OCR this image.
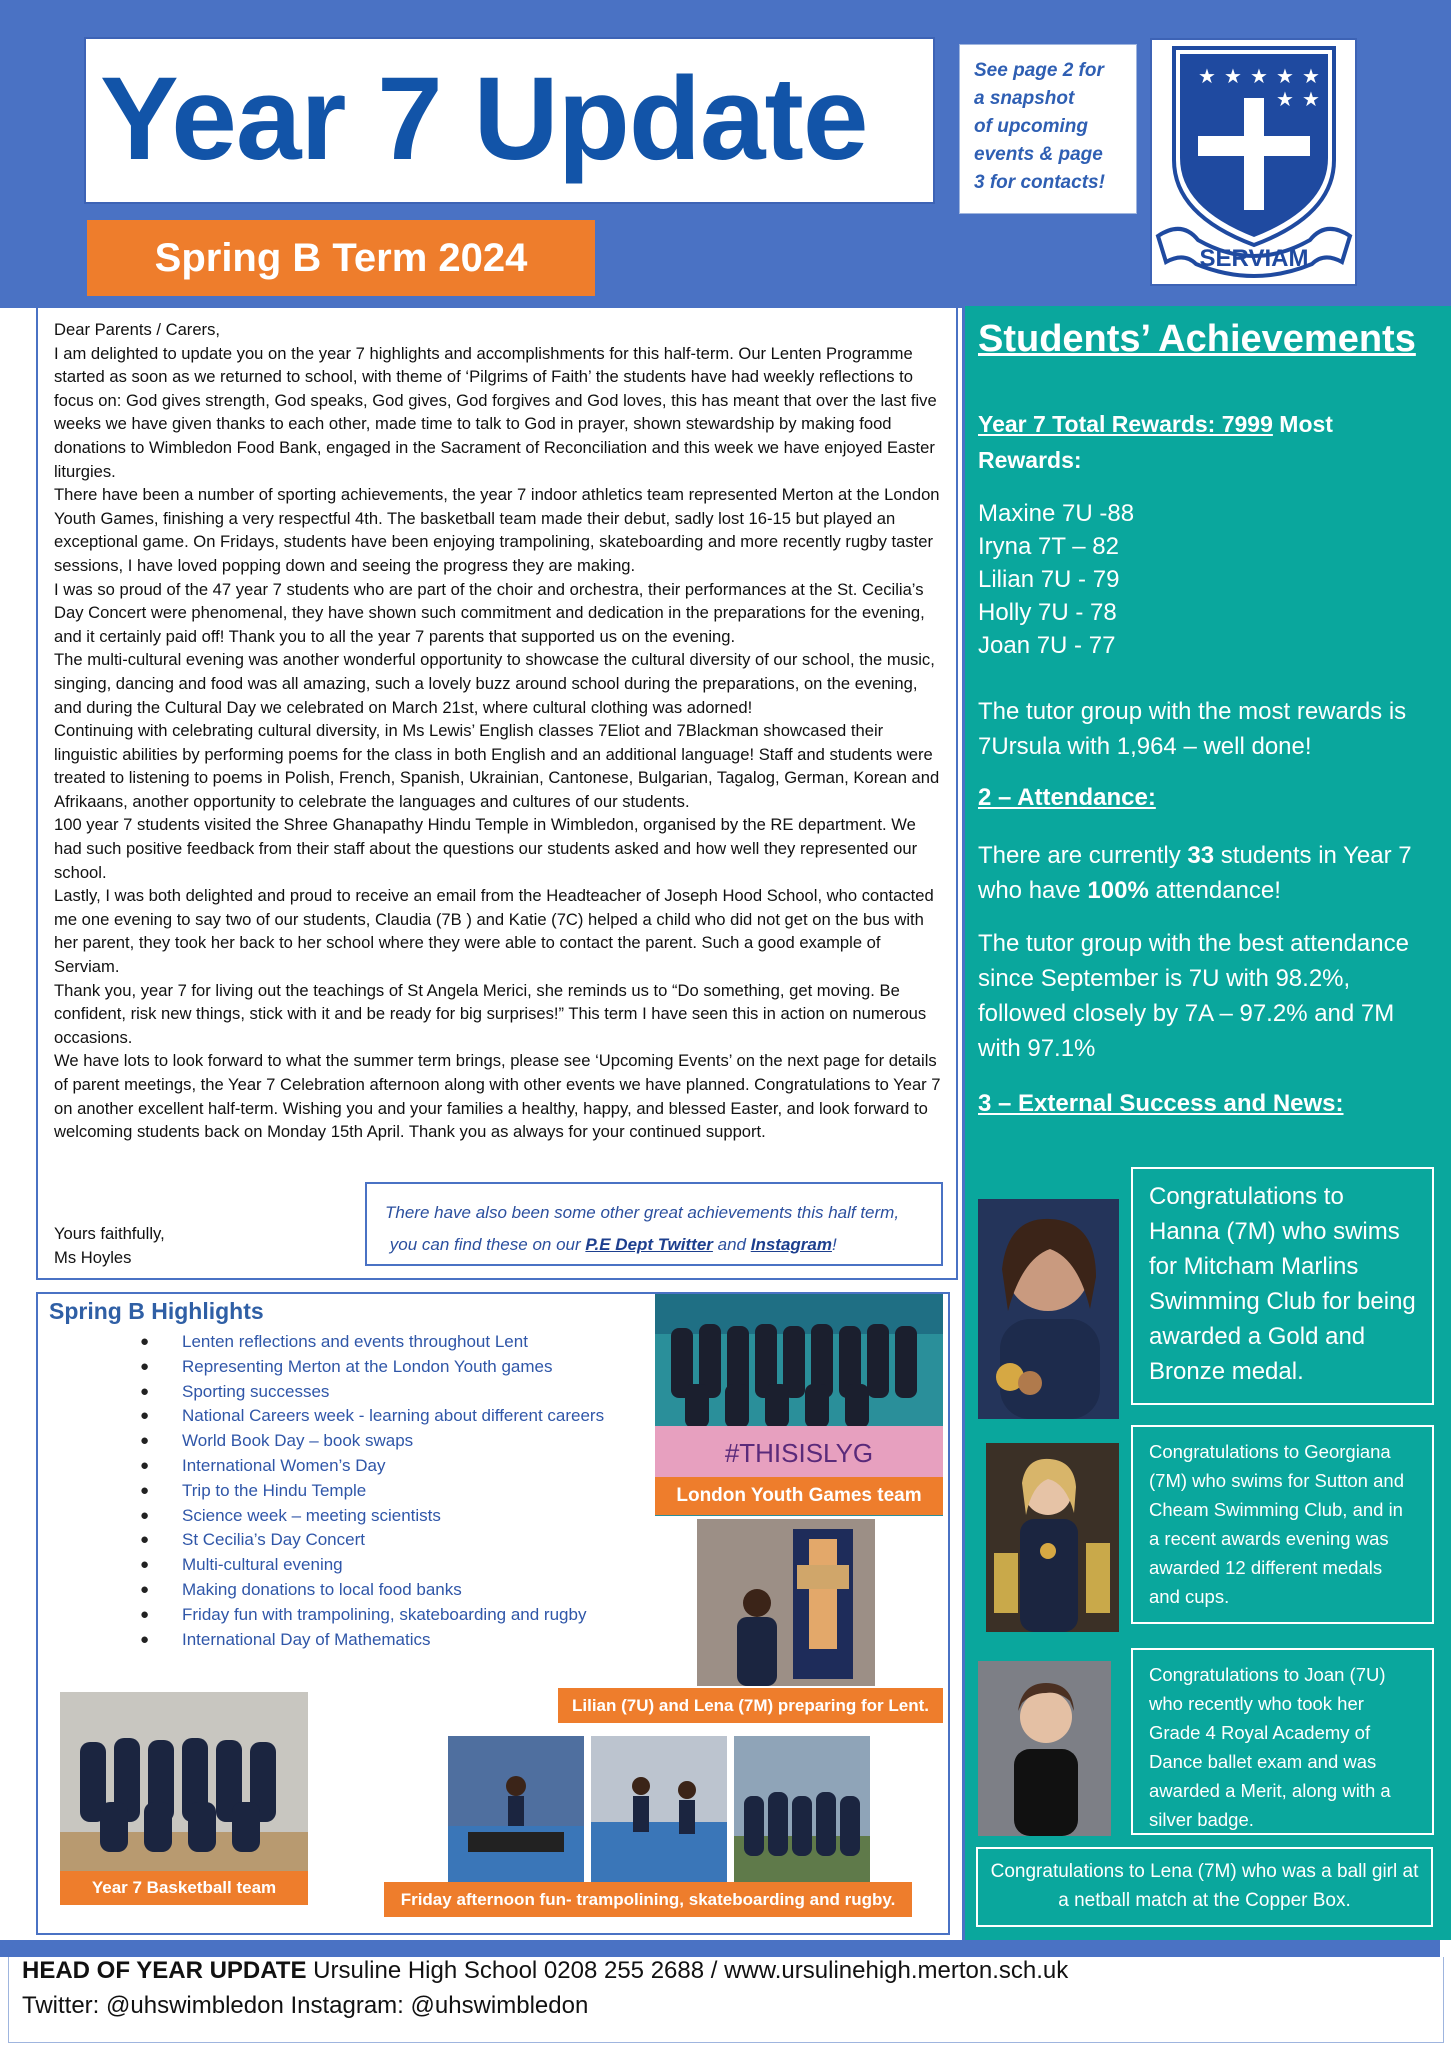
Year 7 Update
Spring B Term 2024
See page 2 for
a snapshot
of upcoming
events & page
3 for contacts!
★ ★ ★ ★ ★
★ ★
SERVIAM

Dear Parents / Carers,

I am delighted to update you on the year 7 highlights and accomplishments for this half-term. Our Lenten Programme started as soon as we returned to school, with theme of ‘Pilgrims of Faith’ the students have had weekly reflections to focus on: God gives strength, God speaks, God gives, God forgives and God loves, this has meant that over the last five weeks we have given thanks to each other, made time to talk to God in prayer, shown stewardship by making food donations to Wimbledon Food Bank, engaged in the Sacrament of Reconciliation and this week we have enjoyed Easter liturgies.

There have been a number of sporting achievements, the year 7 indoor athletics team represented Merton at the London Youth Games, finishing a very respectful 4th. The basketball team made their debut, sadly lost 16-15 but played an exceptional game. On Fridays, students have been enjoying trampolining, skateboarding and more recently rugby taster sessions, I have loved popping down and seeing the progress they are making.

I was so proud of the 47 year 7 students who are part of the choir and orchestra, their performances at the St. Cecilia’s Day Concert were phenomenal, they have shown such commitment and dedication in the preparations for the evening, and it certainly paid off! Thank you to all the year 7 parents that supported us on the evening.

The multi-cultural evening was another wonderful opportunity to showcase the cultural diversity of our school, the music, singing, dancing and food was all amazing, such a lovely buzz around school during the preparations, on the evening, and during the Cultural Day we celebrated on March 21st, where cultural clothing was adorned!

Continuing with celebrating cultural diversity, in Ms Lewis’ English classes 7Eliot and 7Blackman showcased their linguistic abilities by performing poems for the class in both English and an additional language! Staff and students were treated to listening to poems in Polish, French, Spanish, Ukrainian, Cantonese, Bulgarian, Tagalog, German, Korean and Afrikaans, another opportunity to celebrate the languages and cultures of our students.

100 year 7 students visited the Shree Ghanapathy Hindu Temple in Wimbledon, organised by the RE department. We had such positive feedback from their staff about the questions our students asked and how well they represented our school.

Lastly, I was both delighted and proud to receive an email from the Headteacher of Joseph Hood School, who contacted me one evening to say two of our students, Claudia (7B ) and Katie (7C) helped a child who did not get on the bus with her parent, they took her back to her school where they were able to contact the parent. Such a good example of Serviam.

Thank you, year 7 for living out the teachings of St Angela Merici, she reminds us to “Do something, get moving. Be confident, risk new things, stick with it and be ready for big surprises!” This term I have seen this in action on numerous occasions.

We have lots to look forward to what the summer term brings, please see ‘Upcoming Events’ on the next page for details of parent meetings, the Year 7 Celebration afternoon along with other events we have planned. Congratulations to Year 7 on another excellent half-term. Wishing you and your families a healthy, happy, and blessed Easter, and look forward to welcoming students back on Monday 15th April. Thank you as always for your continued support.

Yours faithfully,
Ms Hoyles
There have also been some other great achievements this half term,
you can find these on our P.E Dept Twitter and Instagram!
Students’ Achievements
Year 7 Total Rewards: 7999 Most Rewards:
Maxine 7U -88
Iryna 7T – 82
Lilian 7U - 79
Holly 7U - 78
Joan 7U - 77
The tutor group with the most rewards is 7Ursula with 1,964 – well done!
2 – Attendance:
There are currently 33 students in Year 7 who have 100% attendance!
The tutor group with the best attendance since September is 7U with 98.2%, followed closely by 7A – 97.2% and 7M with 97.1%
3 – External Success and News:
Congratulations to Hanna (7M) who swims for Mitcham Marlins Swimming Club for being awarded a Gold and Bronze medal.
Congratulations to Georgiana (7M) who swims for Sutton and Cheam Swimming Club, and in a recent awards evening was awarded 12 different medals and cups.
Congratulations to Joan (7U) who recently who took her Grade 4 Royal Academy of Dance ballet exam and was awarded a Merit, along with a silver badge.
Congratulations to Lena (7M) who was a ball girl at a netball match at the Copper Box.
Spring B Highlights
● Lenten reflections and events throughout Lent
● Representing Merton at the London Youth games
● Sporting successes
● National Careers week - learning about different careers
● World Book Day – book swaps
● International Women’s Day
● Trip to the Hindu Temple
● Science week – meeting scientists
● St Cecilia’s Day Concert
● Multi-cultural evening
● Making donations to local food banks
● Friday fun with trampolining, skateboarding and rugby
● International Day of Mathematics
#THISISLYG
London Youth Games team
Lilian (7U) and Lena (7M) preparing for Lent.
Year 7 Basketball team
Friday afternoon fun- trampolining, skateboarding and rugby.
HEAD OF YEAR UPDATE Ursuline High School 0208 255 2688 / www.ursulinehigh.merton.sch.uk
Twitter: @uhswimbledon Instagram: @uhswimbledon
